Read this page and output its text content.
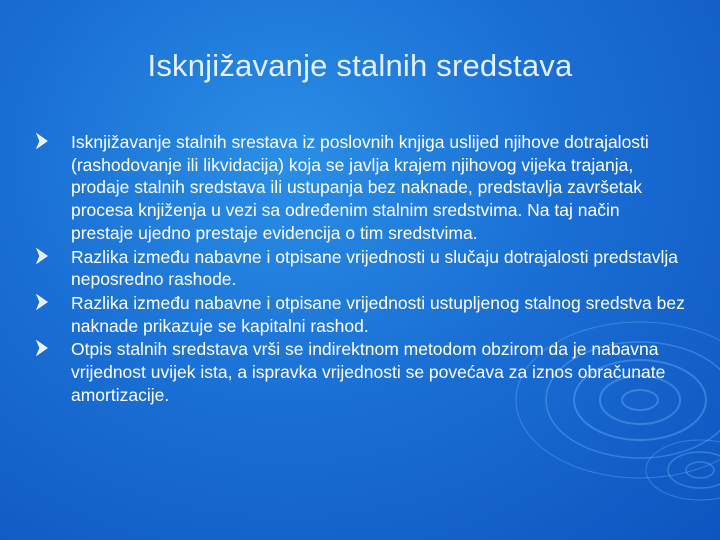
Isknjižavanje stalnih sredstava
Isknjižavanje stalnih srestava iz poslovnih knjiga uslijed njihove dotrajalosti (rashodovanje ili likvidacija) koja se javlja krajem njihovog vijeka trajanja, prodaje stalnih sredstava ili ustupanja bez naknade, predstavlja završetak procesa knjiženja u vezi sa određenim stalnim sredstvima. Na taj način prestaje ujedno prestaje evidencija o tim sredstvima.
Razlika između nabavne i otpisane vrijednosti u slučaju dotrajalosti predstavlja neposredno rashode.
Razlika između nabavne i otpisane vrijednosti ustupljenog stalnog sredstva bez naknade prikazuje se kapitalni rashod.
Otpis stalnih sredstava vrši se indirektnom metodom obzirom da je nabavna vrijednost uvijek ista, a ispravka vrijednosti se povećava za iznos obračunate amortizacije.
